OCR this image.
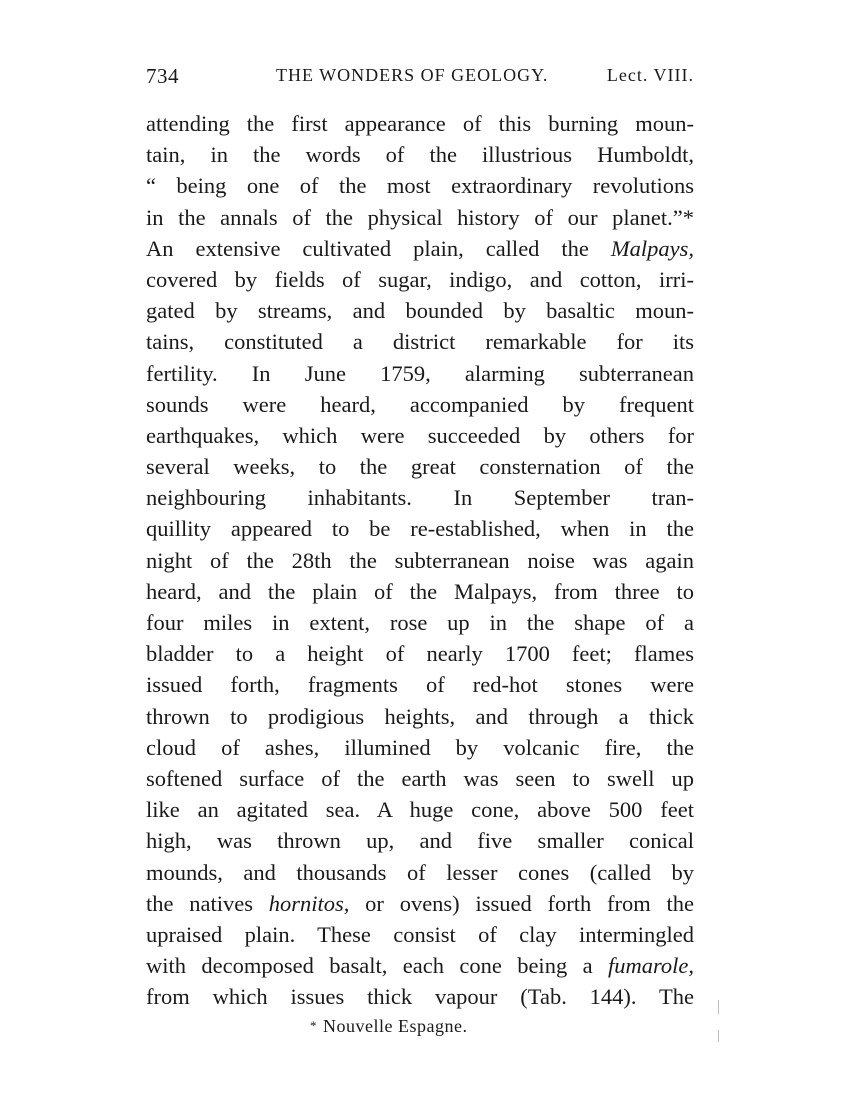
734	THE WONDERS OF GEOLOGY.	Lect. VIII.
attending the first appearance of this burning moun-
tain, in the words of the illustrious Humboldt,
“ being one of the most extraordinary revolutions
in the annals of the physical history of our planet.”*
An extensive cultivated plain, called the Malpays,
covered by fields of sugar, indigo, and cotton, irri-
gated by streams, and bounded by basaltic moun-
tains, constituted a district remarkable for its
fertility. In June 1759, alarming subterranean
sounds were heard, accompanied by frequent
earthquakes, which were succeeded by others for
several weeks, to the great consternation of the
neighbouring inhabitants. In September tran-
quillity appeared to be re-established, when in the
night of the 28th the subterranean noise was again
heard, and the plain of the Malpays, from three to
four miles in extent, rose up in the shape of a
bladder to a height of nearly 1700 feet; flames
issued forth, fragments of red-hot stones were
thrown to prodigious heights, and through a thick
cloud of ashes, illumined by volcanic fire, the
softened surface of the earth was seen to swell up
like an agitated sea. A huge cone, above 500 feet
high, was thrown up, and five smaller conical
mounds, and thousands of lesser cones (called by
the natives hornitos, or ovens) issued forth from the
upraised plain. These consist of clay intermingled
with decomposed basalt, each cone being a fumarole,
from which issues thick vapour (Tab. 144). The
* Nouvelle Espagne.
